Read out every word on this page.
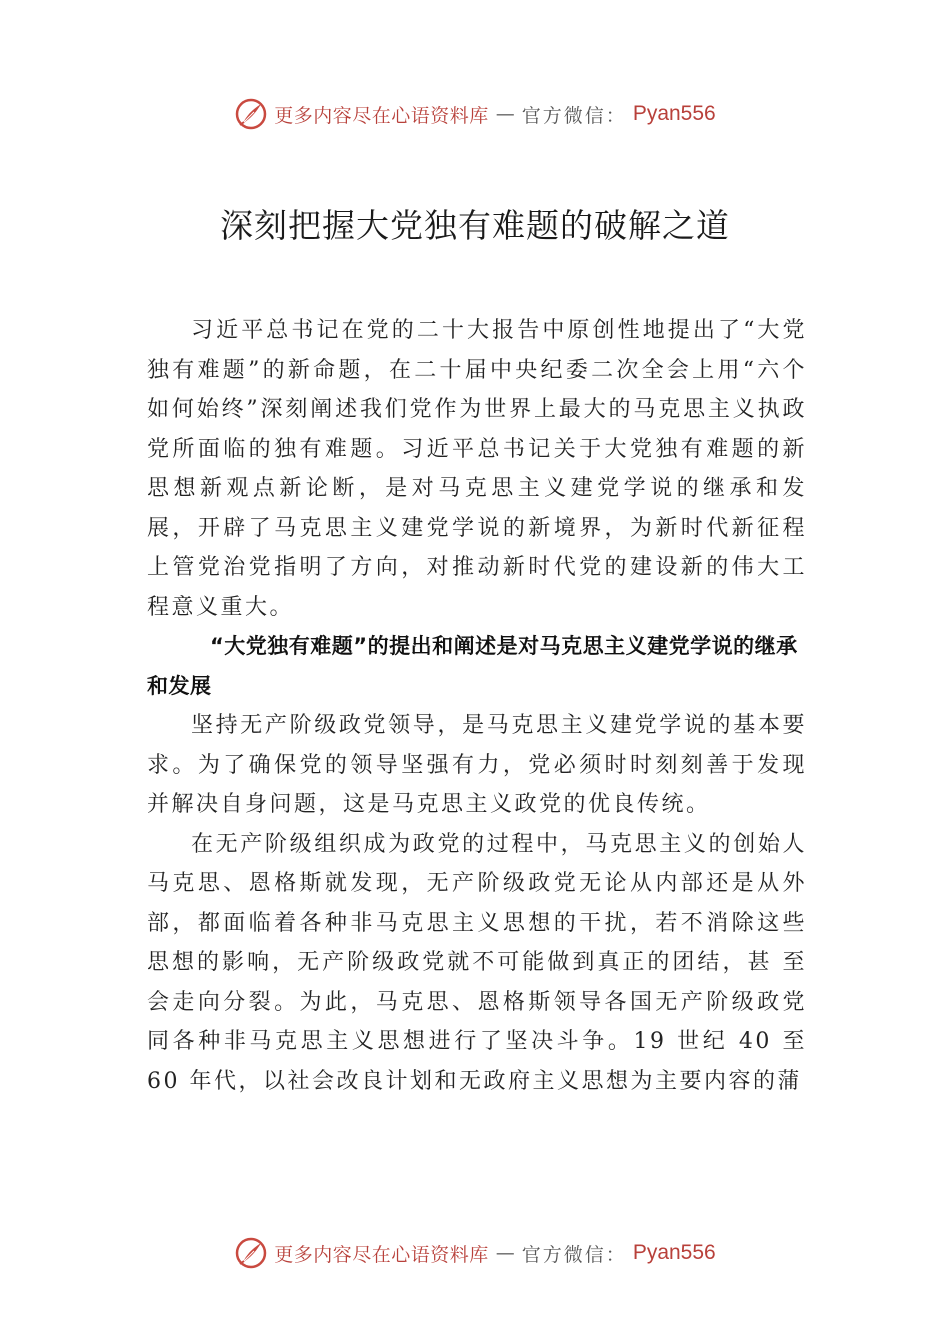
更多内容尽在心语资料库 — 官方微信： Pyan556
深刻把握大党独有难题的破解之道

习近平总书记在党的二十大报告中原创性地提出了“大党独有难题”的新命题，在二十届中央纪委二次全会上用“六个如何始终”深刻阐述我们党作为世界上最大的马克思主义执政党所面临的独有难题。习近平总书记关于大党独有难题的新思想新观点新论断，是对马克思主义建党学说的继承和发展，开辟了马克思主义建党学说的新境界，为新时代新征程上管党治党指明了方向，对推动新时代党的建设新的伟大工程意义重大。

“大党独有难题”的提出和阐述是对马克思主义建党学说的继承和发展

坚持无产阶级政党领导，是马克思主义建党学说的基本要求。为了确保党的领导坚强有力，党必须时时刻刻善于发现并解决自身问题，这是马克思主义政党的优良传统。

在无产阶级组织成为政党的过程中，马克思主义的创始人马克思、恩格斯就发现，无产阶级政党无论从内部还是从外部，都面临着各种非马克思主义思想的干扰，若不消除这些思想的影响，无产阶级政党就不可能做到真正的团结，甚 至会走向分裂。为此，马克思、恩格斯领导各国无产阶级政党同各种非马克思主义思想进行了坚决斗争。19 世纪 40 至 60 年代，以社会改良计划和无政府主义思想为主要内容的蒲

更多内容尽在心语资料库 — 官方微信： Pyan556
